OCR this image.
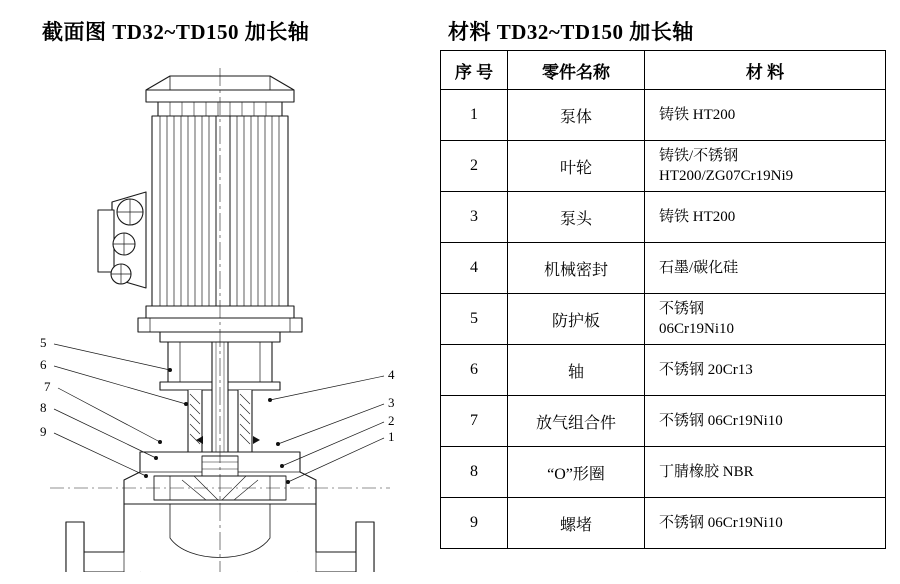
截面图 TD32~TD150 加长轴
5
6
7
8
9
4
3
2
1
材料 TD32~TD150 加长轴
序 号	零件名称	材 料
1	泵体	铸铁 HT200

2	叶轮	铸铁/不锈钢
HT200/ZG07Cr19Ni9

3	泵头	铸铁 HT200

4	机械密封	石墨/碳化硅

5	防护板	不锈钢
06Cr19Ni10

6	轴	不锈钢 20Cr13

7	放气组合件	不锈钢 06Cr19Ni10

8	“O”形圈	丁腈橡胶 NBR

9	螺堵	不锈钢 06Cr19Ni10
